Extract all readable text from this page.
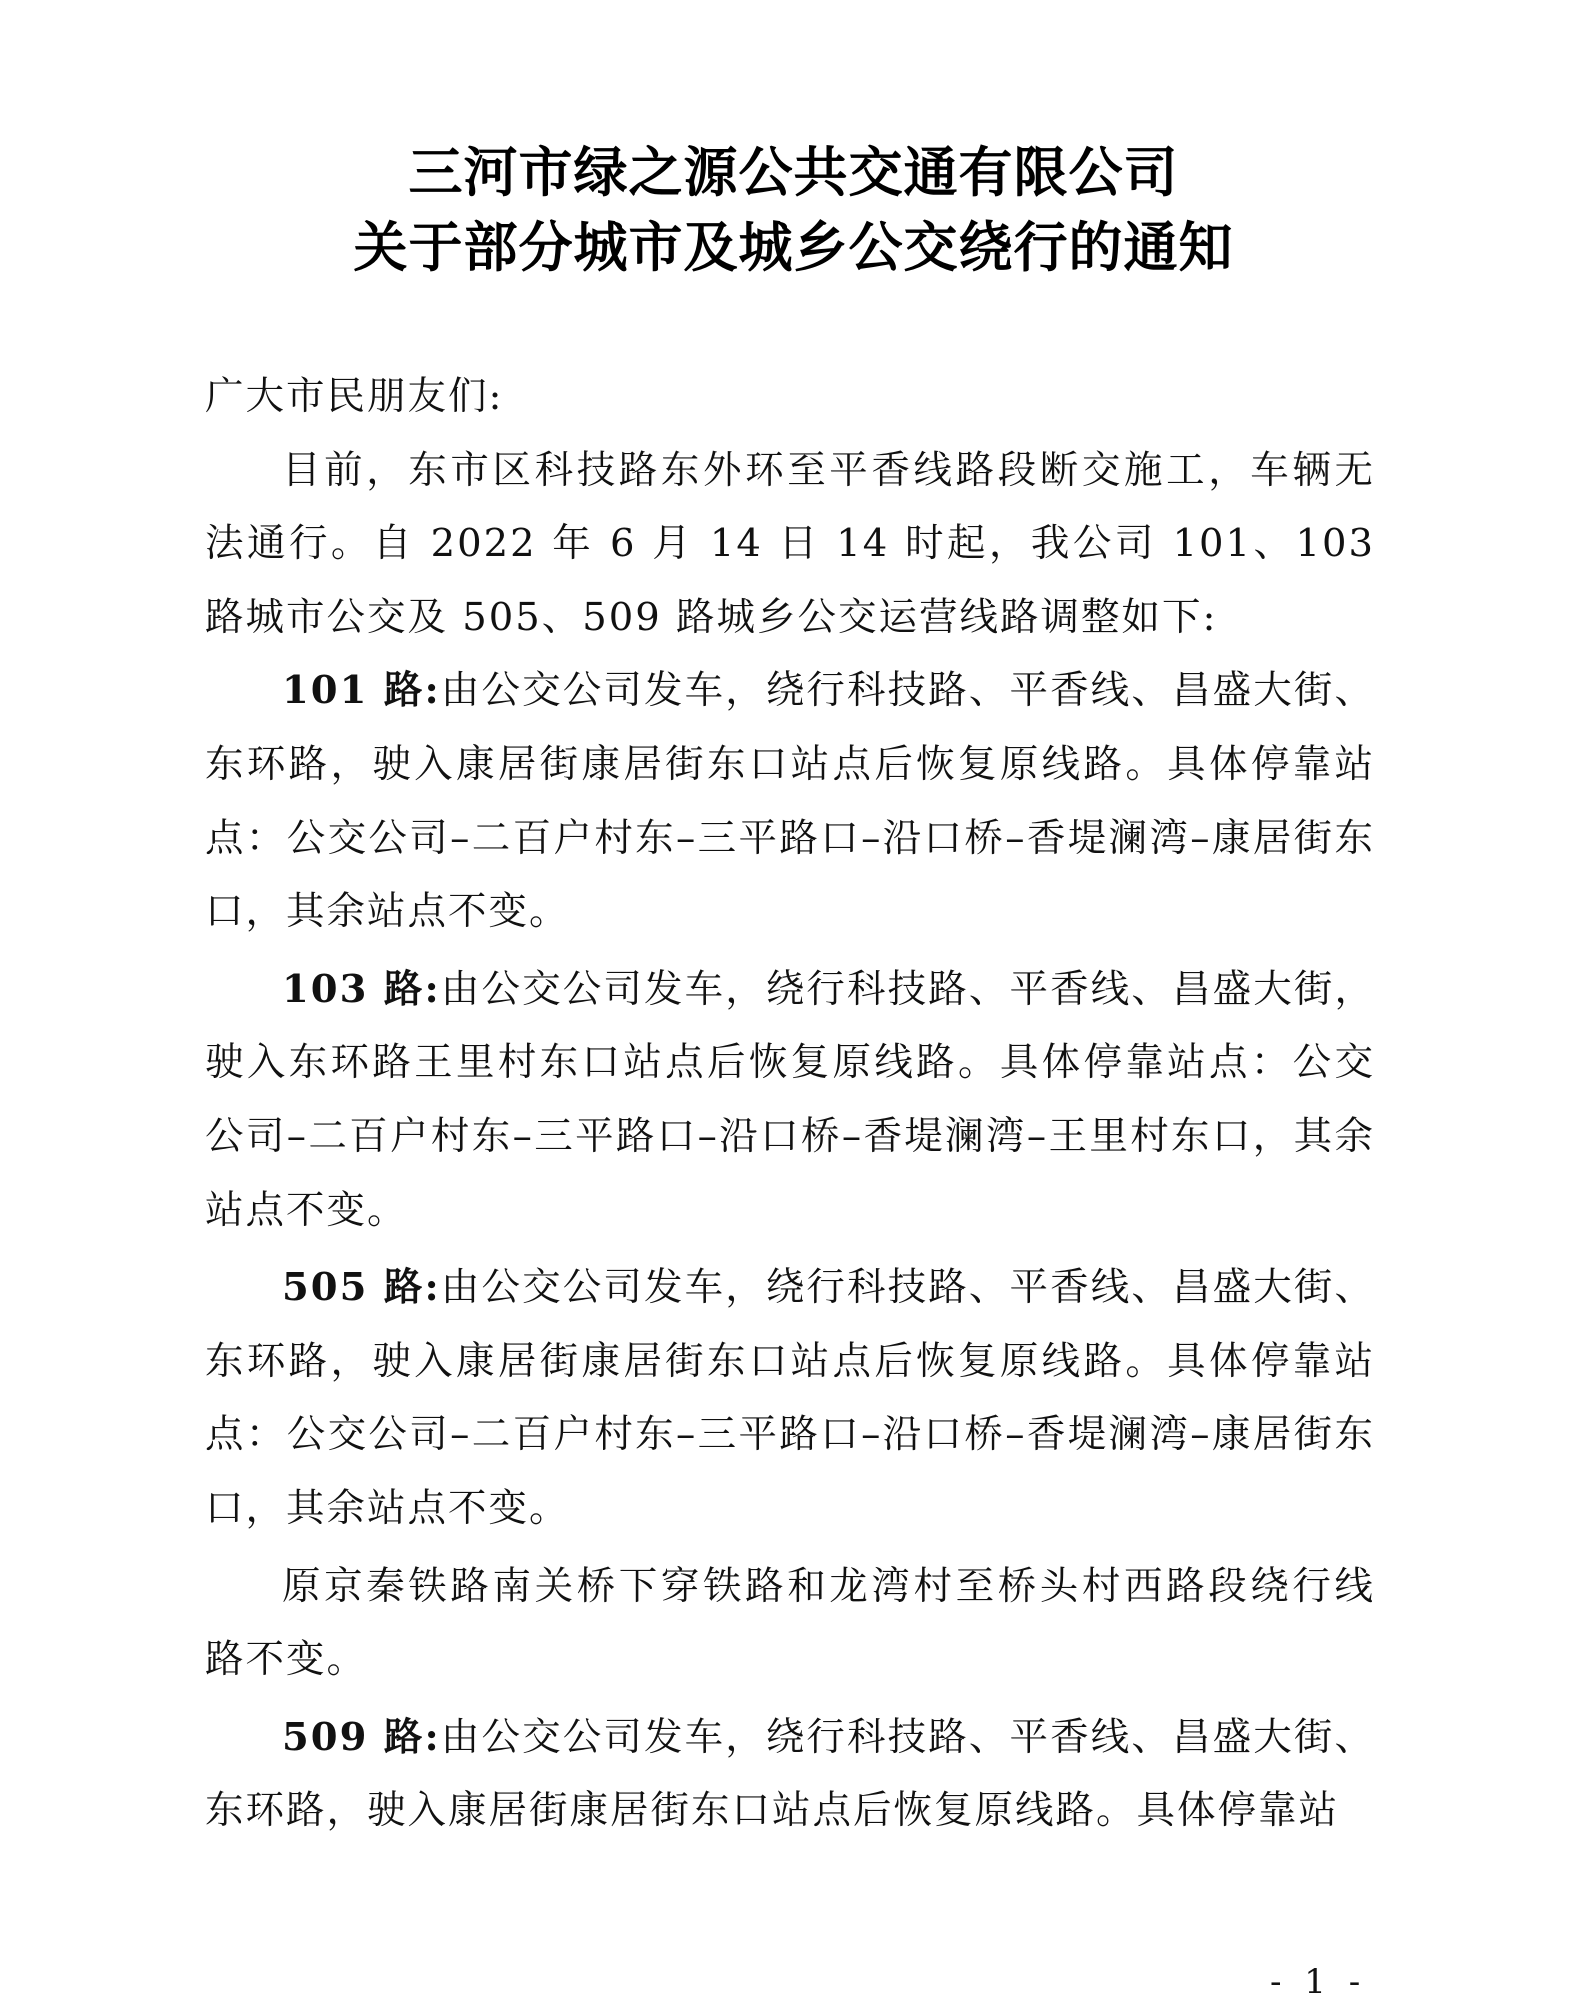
三河市绿之源公共交通有限公司
关于部分城市及城乡公交绕行的通知

广大市民朋友们:

目前，东市区科技路东外环至平香线路段断交施工，车辆无法通行。自 2022 年 6 月 14 日 14 时起，我公司 101、103 路城市公交及 505、509 路城乡公交运营线路调整如下:

101 路:由公交公司发车，绕行科技路、平香线、昌盛大街、东环路，驶入康居街康居街东口站点后恢复原线路。具体停靠站点：公交公司–二百户村东–三平路口–沿口桥–香堤澜湾–康居街东口，其余站点不变。

103 路:由公交公司发车，绕行科技路、平香线、昌盛大街，驶入东环路王里村东口站点后恢复原线路。具体停靠站点：公交公司–二百户村东–三平路口–沿口桥–香堤澜湾–王里村东口，其余站点不变。

505 路:由公交公司发车，绕行科技路、平香线、昌盛大街、东环路，驶入康居街康居街东口站点后恢复原线路。具体停靠站点：公交公司–二百户村东–三平路口–沿口桥–香堤澜湾–康居街东口，其余站点不变。

原京秦铁路南关桥下穿铁路和龙湾村至桥头村西路段绕行线路不变。

509 路:由公交公司发车，绕行科技路、平香线、昌盛大街、东环路，驶入康居街康居街东口站点后恢复原线路。具体停靠站

- 1 -
